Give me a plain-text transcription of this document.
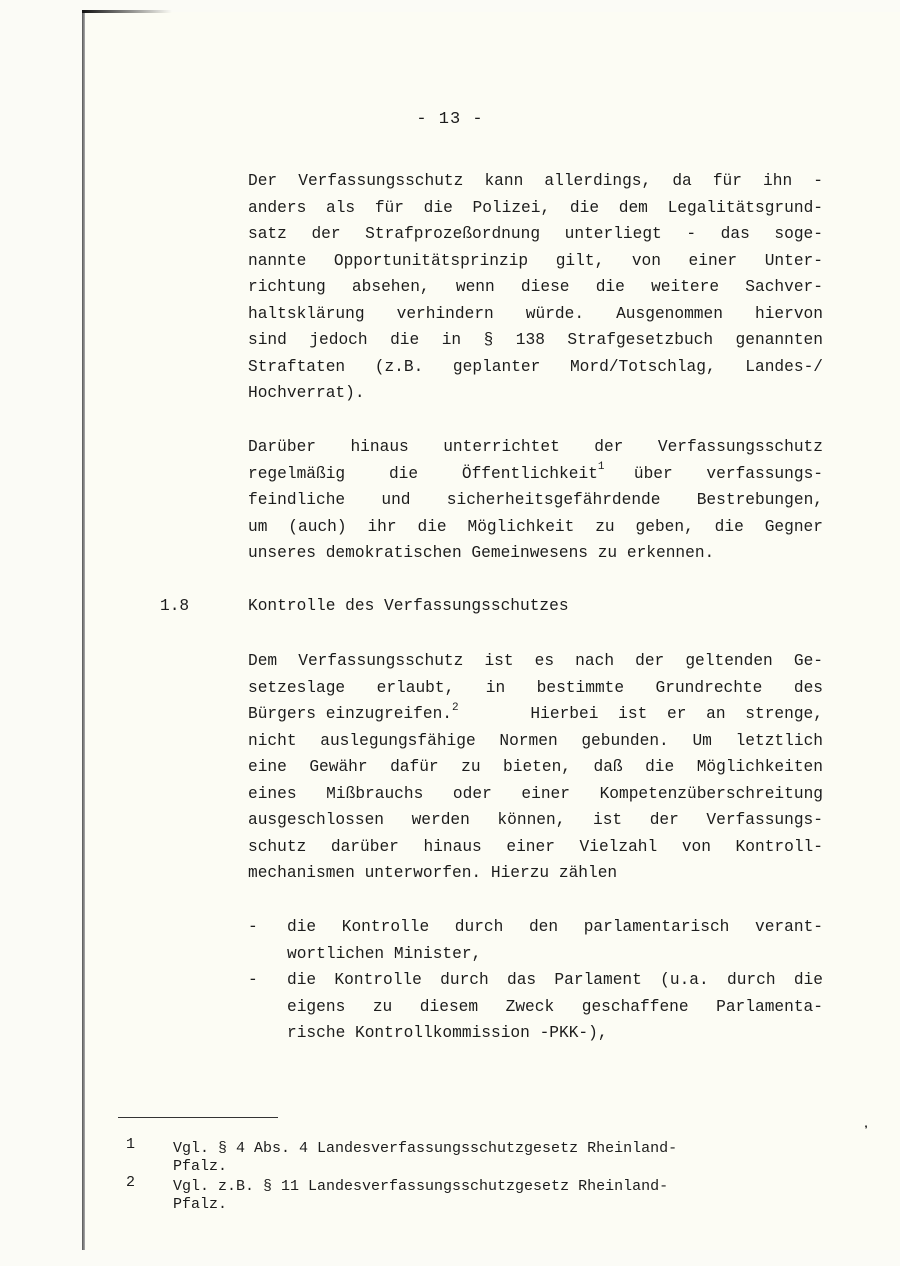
- 13 -
Der Verfassungsschutz kann allerdings, da für ihn -
anders als für die Polizei, die dem Legalitätsgrund-
satz der Strafprozeßordnung unterliegt - das soge-
nannte Opportunitätsprinzip gilt, von einer Unter-
richtung absehen, wenn diese die weitere Sachver-
haltsklärung verhindern würde. Ausgenommen hiervon
sind jedoch die in § 138 Strafgesetzbuch genannten
Straftaten (z.B. geplanter Mord/Totschlag, Landes-/
Hochverrat).
Darüber hinaus unterrichtet der Verfassungsschutz
regelmäßig	die	Öffentlichkeit$^1$ über verfassungs-
feindliche und sicherheitsgefährdende Bestrebungen,
um (auch) ihr die Möglichkeit zu geben, die Gegner
unseres demokratischen Gemeinwesens zu erkennen.
1.8	Kontrolle des Verfassungsschutzes
Dem Verfassungsschutz ist es nach der geltenden Ge-
setzeslage erlaubt, in bestimmte Grundrechte des
Bürgers einzugreifen.$^2$	Hierbei ist er an strenge,
nicht auslegungsfähige Normen gebunden. Um letztlich
eine Gewähr dafür zu bieten, daß die Möglichkeiten
eines Mißbrauchs oder einer Kompetenzüberschreitung
ausgeschlossen werden können, ist der Verfassungs-
schutz darüber hinaus einer Vielzahl von Kontroll-
mechanismen unterworfen. Hierzu zählen
- die Kontrolle durch den parlamentarisch verant-
wortlichen Minister,
- die Kontrolle durch das Parlament (u.a. durch die
eigens zu diesem Zweck geschaffene Parlamenta-
rische Kontrollkommission -PKK-),
1	Vgl. § 4 Abs. 4 Landesverfassungsschutzgesetz Rheinland-
Pfalz.
2	Vgl. z.B. § 11 Landesverfassungsschutzgesetz Rheinland-
Pfalz.
❜
